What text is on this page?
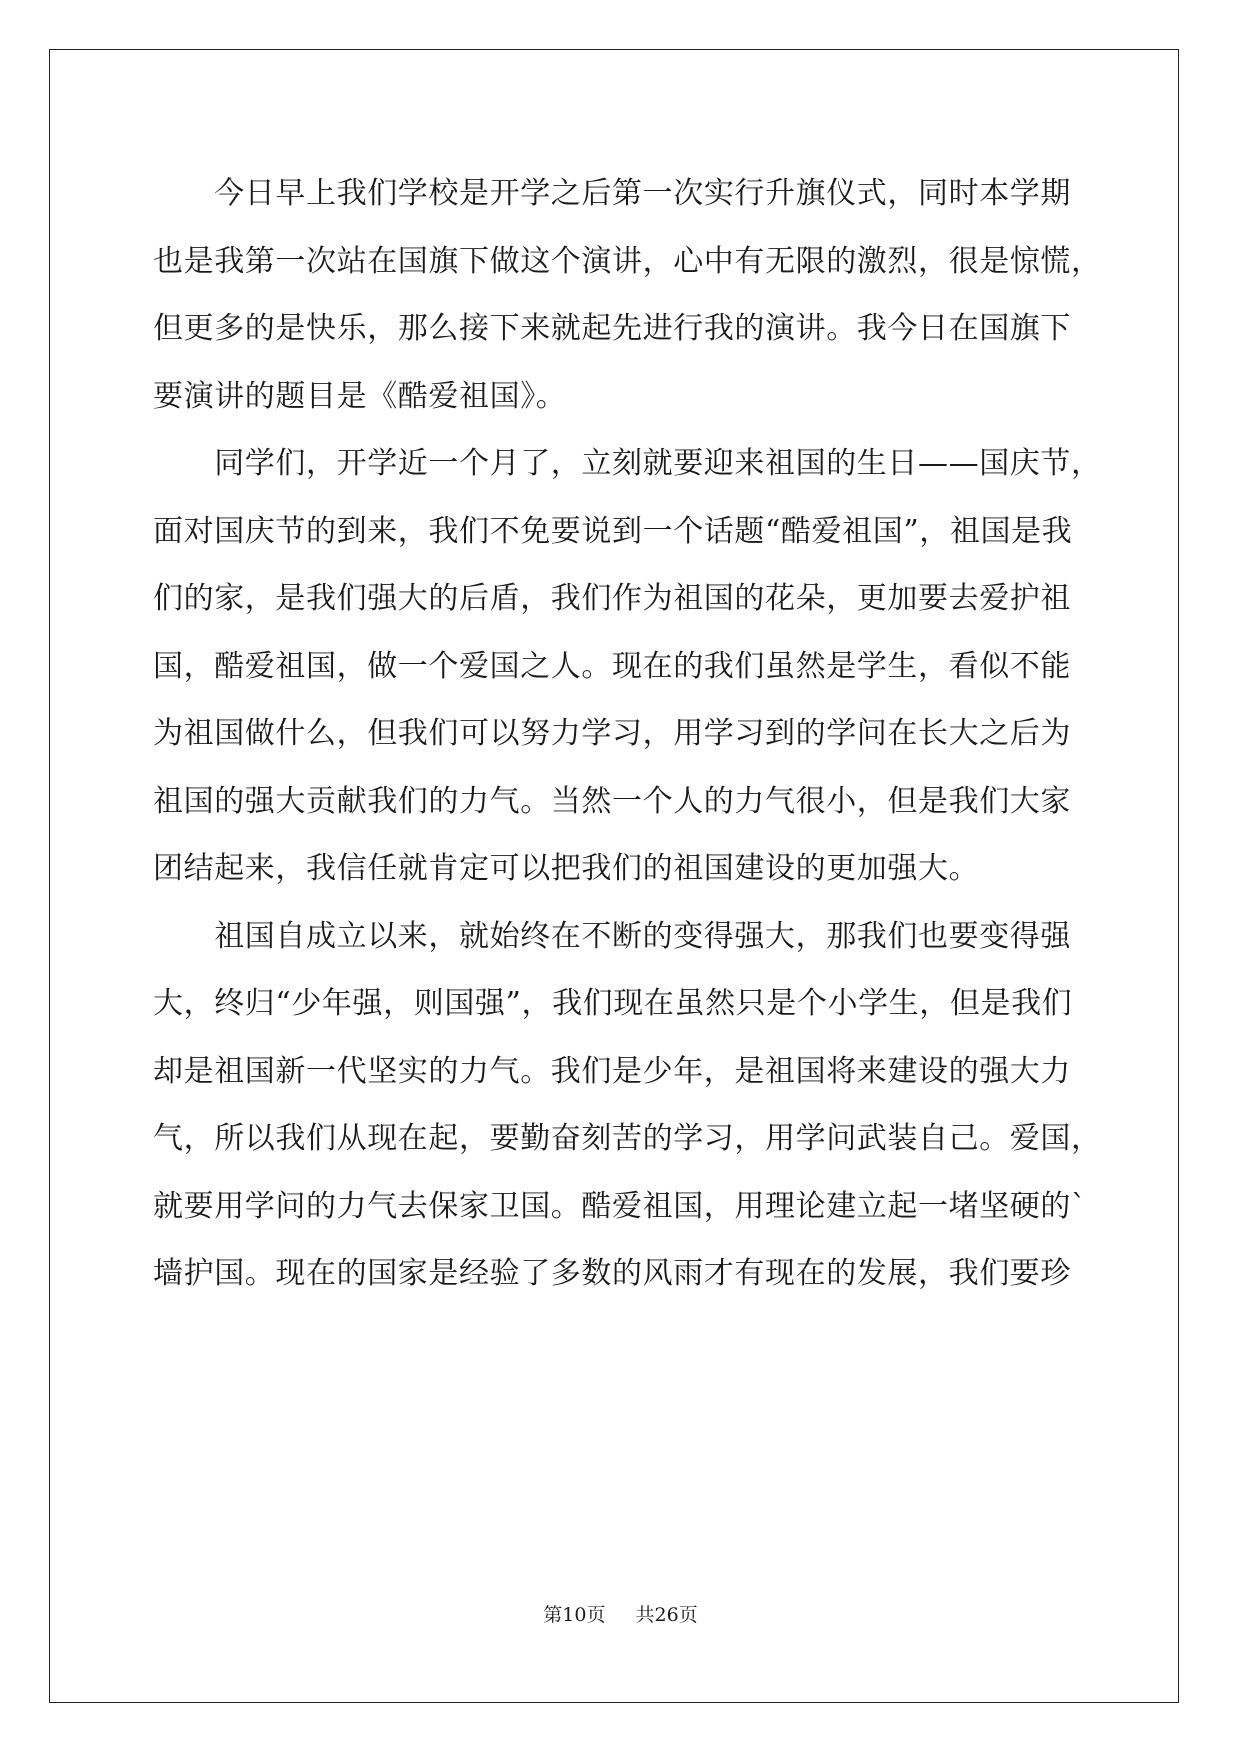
　　今日早上我们学校是开学之后第一次实行升旗仪式，同时本学期
也是我第一次站在国旗下做这个演讲，心中有无限的激烈，很是惊慌，
但更多的是快乐，那么接下来就起先进行我的演讲。我今日在国旗下
要演讲的题目是《酷爱祖国》。
　　同学们，开学近一个月了，立刻就要迎来祖国的生日——国庆节，
面对国庆节的到来，我们不免要说到一个话题“酷爱祖国”，祖国是我
们的家，是我们强大的后盾，我们作为祖国的花朵，更加要去爱护祖
国，酷爱祖国，做一个爱国之人。现在的我们虽然是学生，看似不能
为祖国做什么，但我们可以努力学习，用学习到的学问在长大之后为
祖国的强大贡献我们的力气。当然一个人的力气很小，但是我们大家
团结起来，我信任就肯定可以把我们的祖国建设的更加强大。
　　祖国自成立以来，就始终在不断的变得强大，那我们也要变得强
大，终归“少年强，则国强”，我们现在虽然只是个小学生，但是我们
却是祖国新一代坚实的力气。我们是少年，是祖国将来建设的强大力
气，所以我们从现在起，要勤奋刻苦的学习，用学问武装自己。爱国，
就要用学问的力气去保家卫国。酷爱祖国，用理论建立起一堵坚硬的`
墙护国。现在的国家是经验了多数的风雨才有现在的发展，我们要珍
第10页 共26页
